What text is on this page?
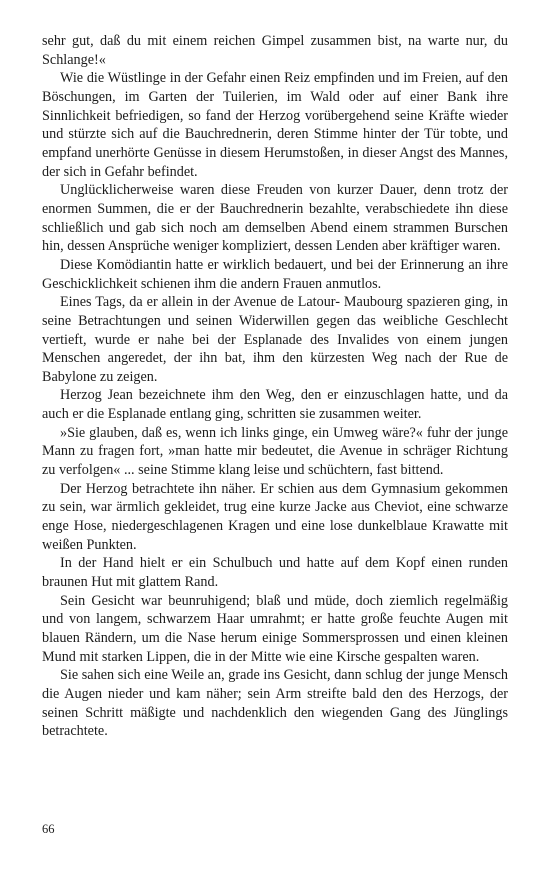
sehr gut, daß du mit einem reichen Gimpel zusammen bist, na warte nur, du Schlange!«

Wie die Wüstlinge in der Gefahr einen Reiz empfinden und im Freien, auf den Böschungen, im Garten der Tuilerien, im Wald oder auf einer Bank ihre Sinnlichkeit befriedigen, so fand der Herzog vorübergehend seine Kräfte wieder und stürzte sich auf die Bauchrednerin, deren Stimme hinter der Tür tobte, und empfand unerhörte Genüsse in diesem Herumstoßen, in dieser Angst des Mannes, der sich in Gefahr befindet.

Unglücklicherweise waren diese Freuden von kurzer Dauer, denn trotz der enormen Summen, die er der Bauchrednerin bezahlte, verabschiedete ihn diese schließlich und gab sich noch am demselben Abend einem strammen Burschen hin, dessen Ansprüche weniger kompliziert, dessen Lenden aber kräftiger waren.

Diese Komödiantin hatte er wirklich bedauert, und bei der Erinnerung an ihre Geschicklichkeit schienen ihm die andern Frauen anmutlos.

Eines Tags, da er allein in der Avenue de Latour- Maubourg spazieren ging, in seine Betrachtungen und seinen Widerwillen gegen das weibliche Geschlecht vertieft, wurde er nahe bei der Esplanade des Invalides von einem jungen Menschen angeredet, der ihn bat, ihm den kürzesten Weg nach der Rue de Babylone zu zeigen.

Herzog Jean bezeichnete ihm den Weg, den er einzuschlagen hatte, und da auch er die Esplanade entlang ging, schritten sie zusammen weiter.

»Sie glauben, daß es, wenn ich links ginge, ein Umweg wäre?« fuhr der junge Mann zu fragen fort, »man hatte mir bedeutet, die Avenue in schräger Richtung zu verfolgen« ... seine Stimme klang leise und schüchtern, fast bittend.

Der Herzog betrachtete ihn näher. Er schien aus dem Gymnasium gekommen zu sein, war ärmlich gekleidet, trug eine kurze Jacke aus Cheviot, eine schwarze enge Hose, niedergeschlagenen Kragen und eine lose dunkelblaue Krawatte mit weißen Punkten.

In der Hand hielt er ein Schulbuch und hatte auf dem Kopf einen runden braunen Hut mit glattem Rand.

Sein Gesicht war beunruhigend; blaß und müde, doch ziemlich regelmäßig und von langem, schwarzem Haar umrahmt; er hatte große feuchte Augen mit blauen Rändern, um die Nase herum einige Sommersprossen und einen kleinen Mund mit starken Lippen, die in der Mitte wie eine Kirsche gespalten waren.

Sie sahen sich eine Weile an, grade ins Gesicht, dann schlug der junge Mensch die Augen nieder und kam näher; sein Arm streifte bald den des Herzogs, der seinen Schritt mäßigte und nachdenklich den wiegenden Gang des Jünglings betrachtete.

66
